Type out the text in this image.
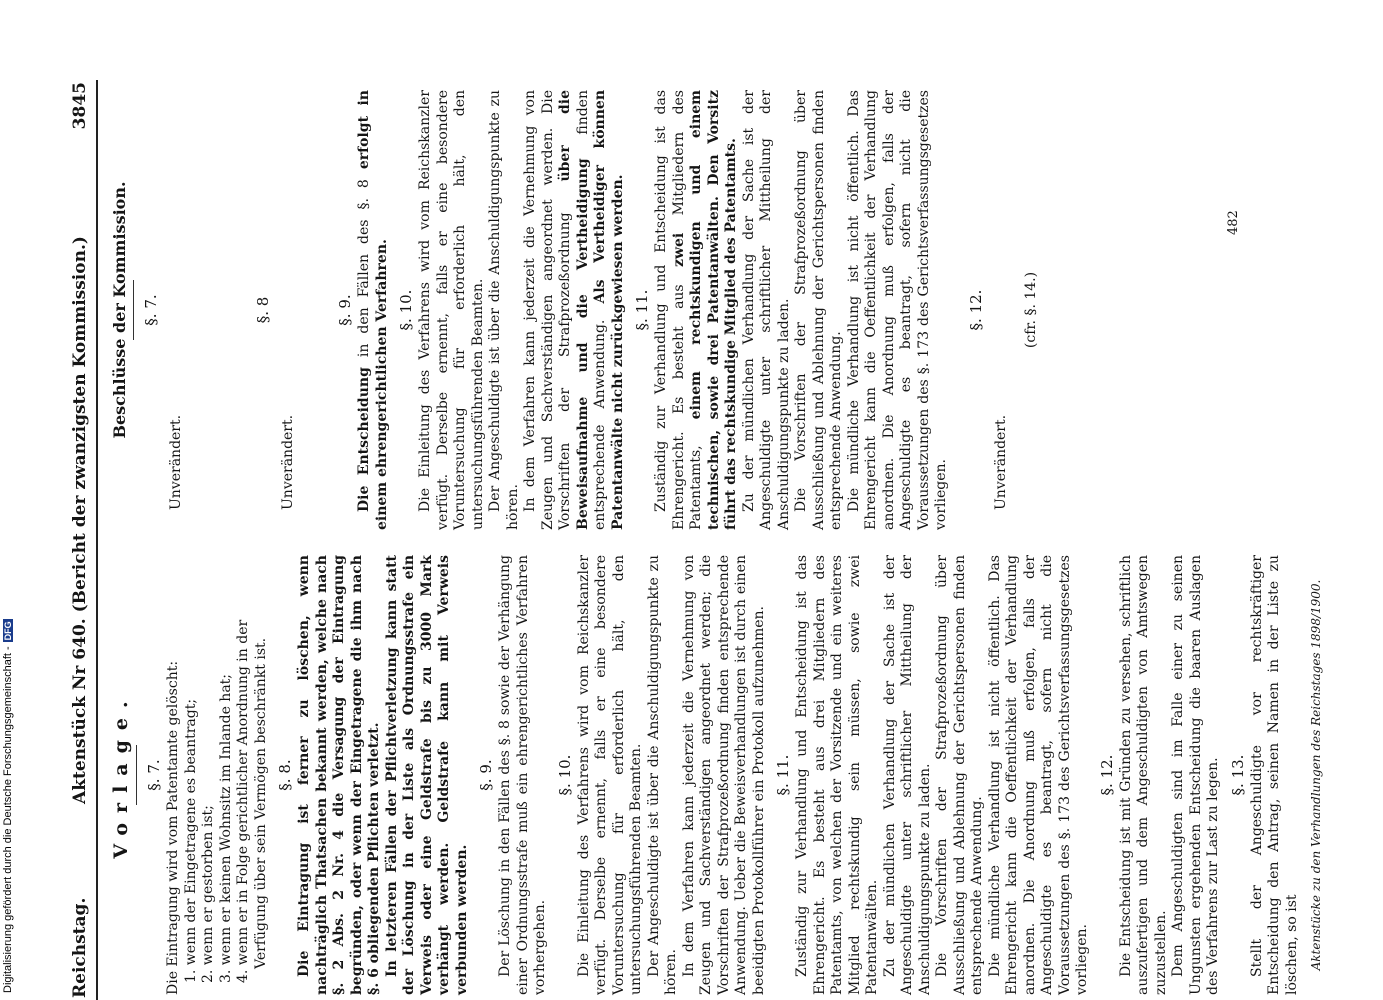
Reichstag.
Aktenstück Nr 640. (Bericht der zwanzigsten Kommission.)
3845
Vorlage. §. 7. Die Eintragung wird vom Patentamte gelöscht: 1. wenn der Eingetragene es beantragt; 2. wenn er gestorben ist; 3. wenn er keinen Wohnsitz im Inlande hat; 4. wenn er in Folge gerichtlicher Anordnung in der Verfügung über sein Vermögen beschränkt ist. §. 8. Die Eintragung ist ferner zu löschen, wenn nachträglich Thatsachen bekannt werden, welche nach §. 2 Abs. 2 Nr. 4 die Versagung der Eintragung begründen, oder wenn der Eingetragene die ihm nach §. 6 obliegenden Pflichten verletzt. In letzteren Fällen der Pflichtverletzung kann statt der Löschung in der Liste als Ordnungsstrafe ein Verweis oder eine Geldstrafe bis zu 3000 Mark verhängt werden. Geldstrafe kann mit Verweis verbunden werden.

§. 9. Der Löschung in den Fällen des §. 8 sowie der Verhängung einer Ordnungsstrafe muß ein ehrengerichtliches Verfahren vorhergehen.

§. 10. Die Einleitung des Verfahrens wird vom Reichskanzler verfügt. Derselbe ernennt, falls er eine besondere Voruntersuchung für erforderlich hält, den untersuchungsführenden Beamten. Der Angeschuldigte ist über die Anschuldigungspunkte zu hören. In dem Verfahren kann jederzeit die Vernehmung von Zeugen und Sachverständigen angeordnet werden; die Vorschriften der Strafprozeßordnung finden entsprechende Anwendung. Ueber die Beweisverhandlungen ist durch einen beeidigten Protokollführer ein Protokoll aufzunehmen. §. 11. Zuständig zur Verhandlung und Entscheidung ist das Ehrengericht. Es besteht aus drei Mitgliedern des Patentamts, von welchen der Vorsitzende und ein weiteres Mitglied rechtskundig sein müssen, sowie zwei Patentanwälten. Zu der mündlichen Verhandlung der Sache ist der Angeschuldigte unter schriftlicher Mittheilung der Anschuldigungspunkte zu laden. Die Vorschriften der Strafprozeßordnung über Ausschließung und Ablehnung der Gerichtspersonen finden entsprechende Anwendung. Die mündliche Verhandlung ist nicht öffentlich. Das Ehrengericht kann die Oeffentlichkeit der Verhandlung anordnen. Die Anordnung muß erfolgen, falls der Angeschuldigte es beantragt, sofern nicht die Voraussetzungen des §. 173 des Gerichtsverfassungsgesetzes vorliegen.

§. 12. Die Entscheidung ist mit Gründen zu versehen, schriftlich auszufertigen und dem Angeschuldigten von Amtswegen zuzustellen. Dem Angeschuldigten sind im Falle einer zu seinen Ungunsten ergehenden Entscheidung die baaren Auslagen des Verfahrens zur Last zu legen. §. 13. Stellt der Angeschuldigte vor rechtskräftiger Entscheidung den Antrag, seinen Namen in der Liste zu löschen, so ist Aktenstücke zu den Verhandlungen des Reichstages 1898/1900.
Beschlüsse der Kommission. §. 7.
Unverändert.
§. 8
Unverändert.
§. 9.

Die Entscheidung in den Fällen des §. 8 erfolgt in einem ehrengerichtlichen Verfahren. §. 10. Die Einleitung des Verfahrens wird vom Reichskanzler verfügt. Derselbe ernennt, falls er eine besondere Voruntersuchung für erforderlich hält, den untersuchungsführenden Beamten. Der Angeschuldigte ist über die Anschuldigungspunkte zu hören. In dem Verfahren kann jederzeit die Vernehmung von Zeugen und Sachverständigen angeordnet werden. Die Vorschriften der Strafprozeßordnung über die Beweisaufnahme und die Vertheidigung finden entsprechende Anwendung. Als Vertheidiger können Patentanwälte nicht zurückgewiesen werden. §. 11. Zuständig zur Verhandlung und Entscheidung ist das Ehrengericht. Es besteht aus zwei Mitgliedern des Patentamts, einem rechtskundigen und einem technischen, sowie drei Patentanwälten. Den Vorsitz führt das rechtskundige Mitglied des Patentamts. Zu der mündlichen Verhandlung der Sache ist der Angeschuldigte unter schriftlicher Mittheilung der Anschuldigungspunkte zu laden. Die Vorschriften der Strafprozeßordnung über Ausschließung und Ablehnung der Gerichtspersonen finden entsprechende Anwendung. Die mündliche Verhandlung ist nicht öffentlich. Das Ehrengericht kann die Oeffentlichkeit der Verhandlung anordnen. Die Anordnung muß erfolgen, falls der Angeschuldigte es beantragt, sofern nicht die Voraussetzungen des §. 173 des Gerichtsverfassungsgesetzes vorliegen.

§. 12.
Unverändert.
(cfr. §. 14.)
482
Digitalisierung gefördert durch die Deutsche Forschungsgemeinschaft -DFG
